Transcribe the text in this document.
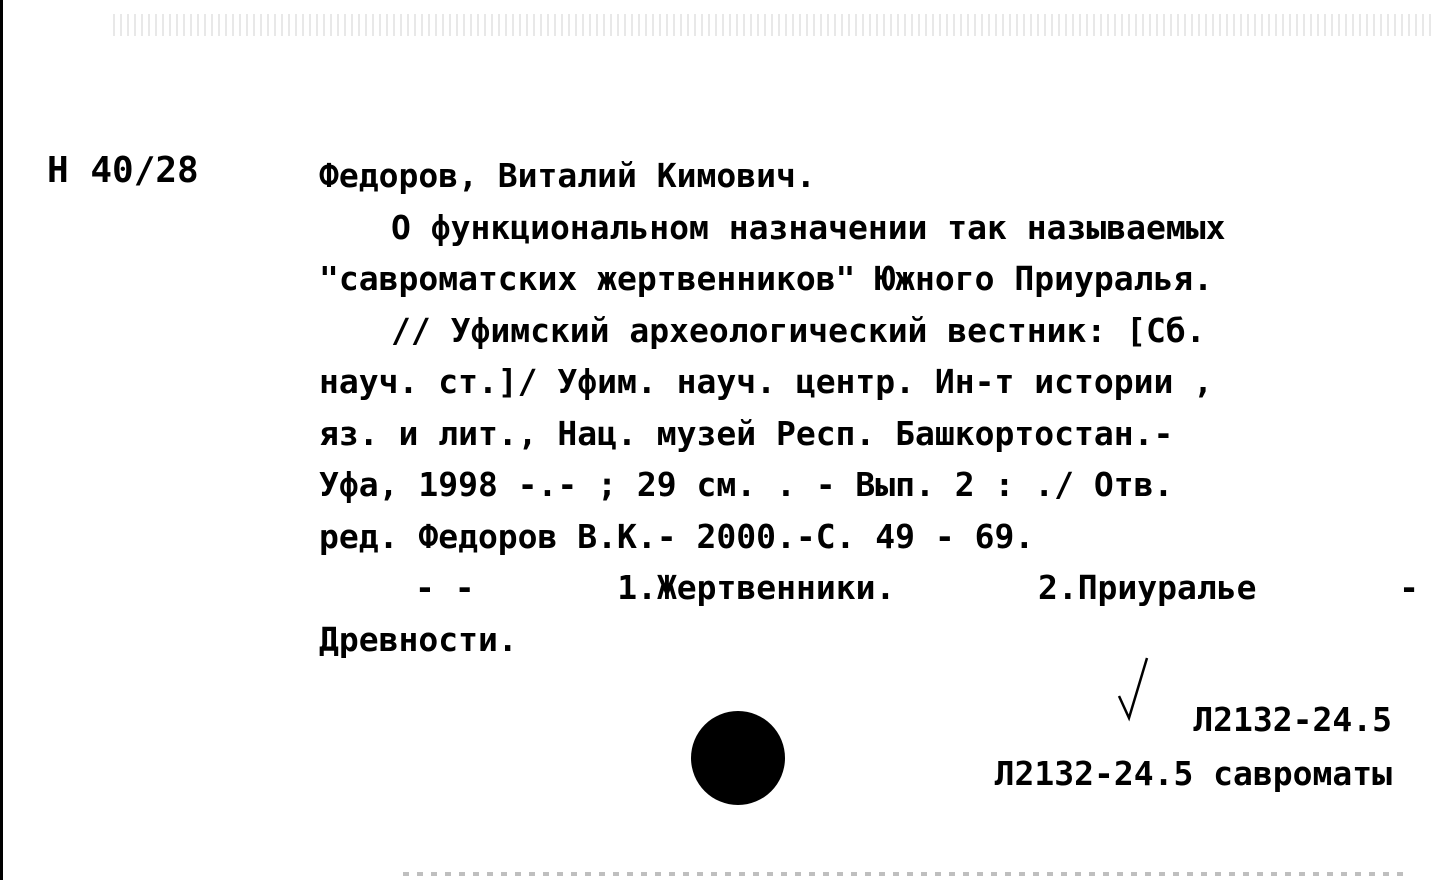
Н 40/28	Федоров, Виталий Кимович.
О функциональном назначении так называемых
"савроматских жертвенников" Южного Приуралья.
// Уфимский археологический вестник: [Сб.
науч. ст.]/ Уфим. науч. центр. Ин-т истории ,
яз. и лит., Нац. музей Респ. Башкортостан.-
Уфа, 1998 -.- ; 29 см. . - Вып. 2 : ./ Отв.
ред. Федоров В.К.- 2000.-С. 49 - 69.
- -	1.Жертвенники.	2.Приуралье	-
Древности.
Л2132-24.5
Л2132-24.5 савроматы
